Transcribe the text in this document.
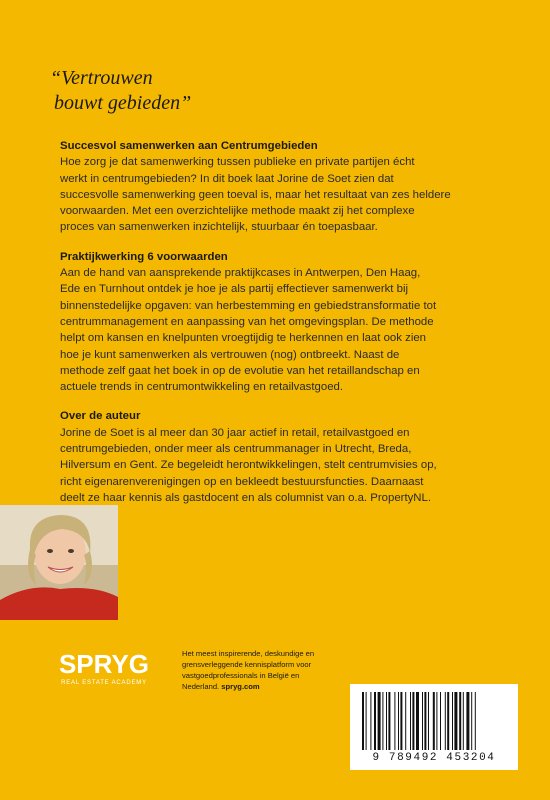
“Vertrouwen
bouwt gebieden”
Succesvol samenwerken aan Centrumgebieden

Hoe zorg je dat samenwerking tussen publieke en private partijen écht
werkt in centrumgebieden? In dit boek laat Jorine de Soet zien dat
succesvolle samenwerking geen toeval is, maar het resultaat van zes heldere
voorwaarden. Met een overzichtelijke methode maakt zij het complexe
proces van samenwerken inzichtelijk, stuurbaar én toepasbaar.

Praktijkwerking 6 voorwaarden

Aan de hand van aansprekende praktijkcases in Antwerpen, Den Haag,
Ede en Turnhout ontdek je hoe je als partij effectiever samenwerkt bij
binnenstedelijke opgaven: van herbestemming en gebiedstransformatie tot
centrummanagement en aanpassing van het omgevingsplan. De methode
helpt om kansen en knelpunten vroegtijdig te herkennen en laat ook zien
hoe je kunt samenwerken als vertrouwen (nog) ontbreekt. Naast de
methode zelf gaat het boek in op de evolutie van het retaillandschap en
actuele trends in centrumontwikkeling en retailvastgoed.

Over de auteur

Jorine de Soet is al meer dan 30 jaar actief in retail, retailvastgoed en
centrumgebieden, onder meer als centrummanager in Utrecht, Breda,
Hilversum en Gent. Ze begeleidt herontwikkelingen, stelt centrumvisies op,
richt eigenarenverenigingen op en bekleedt bestuursfuncties. Daarnaast
deelt ze haar kennis als gastdocent en als columnist van o.a. PropertyNL.

SPRYG
REAL ESTATE ACADEMY
Het meest inspirerende, deskundige en
grensverleggende kennisplatform voor
vastgoedprofessionals in België en
Nederland. spryg.com
9 789492 453204
